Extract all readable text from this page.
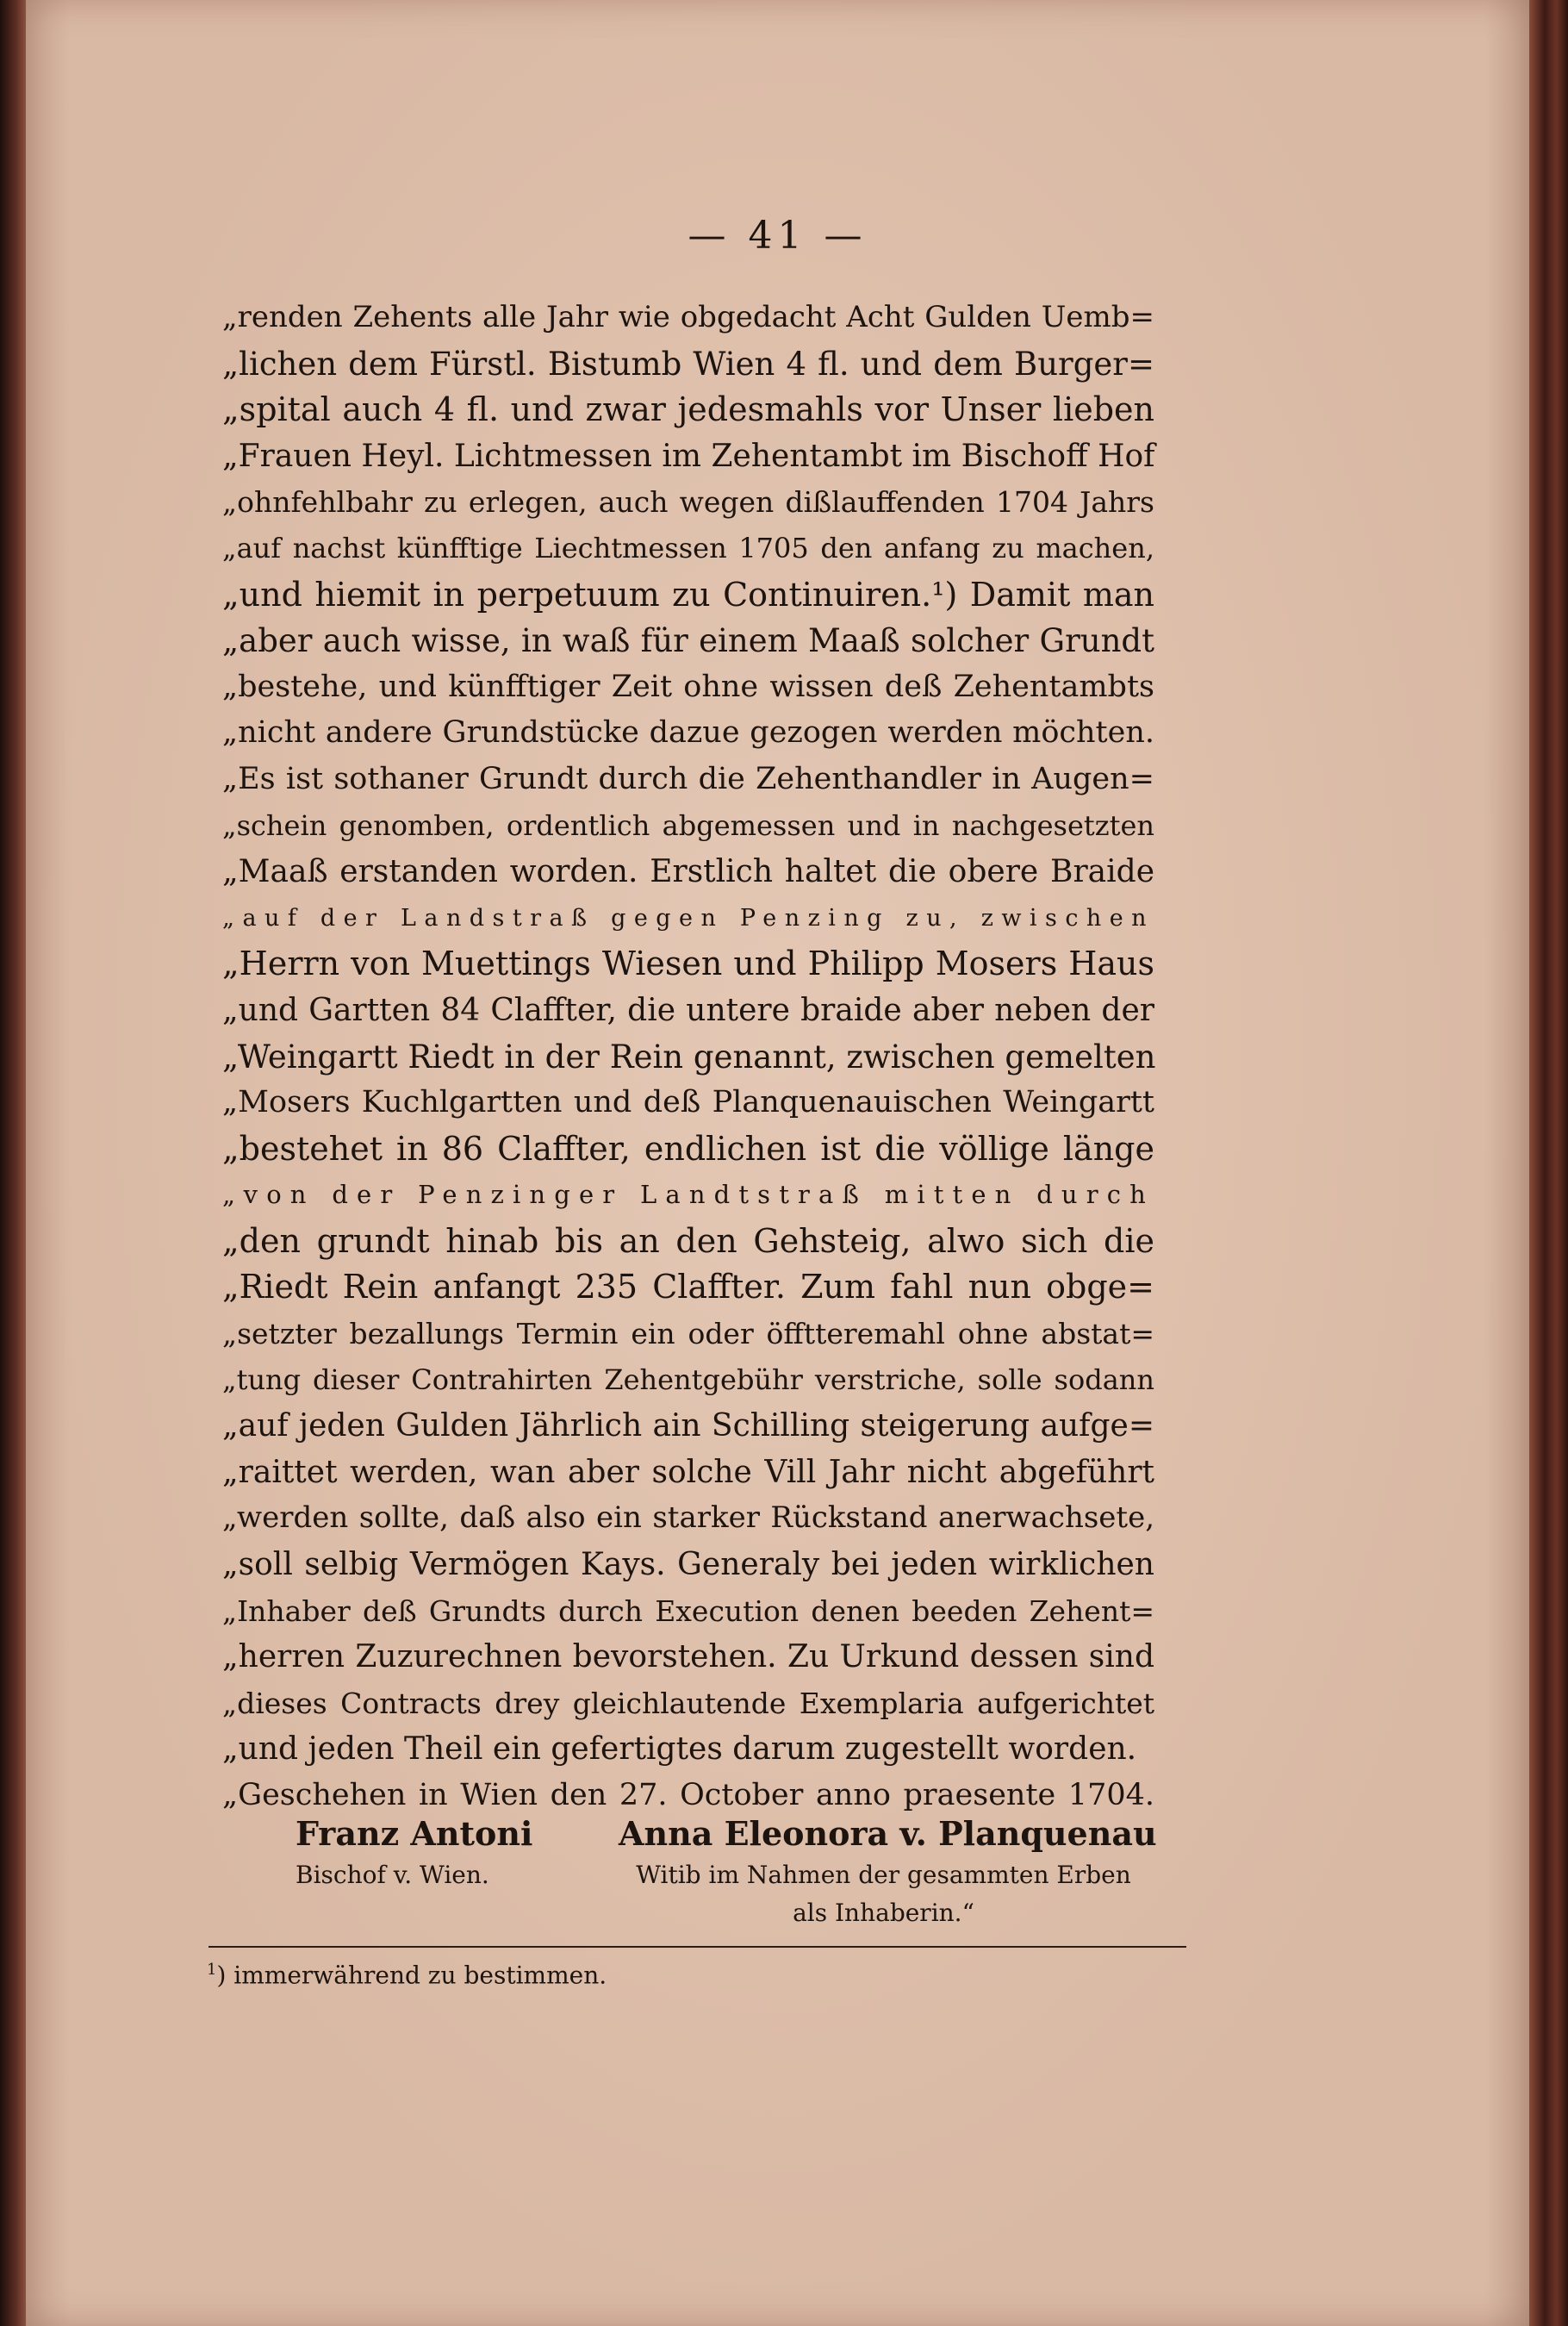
— 41 —
„renden Zehents alle Jahr wie obgedacht Acht Gulden Uemb=
„lichen dem Fürstl. Bistumb Wien 4 fl. und dem Burger=
„spital auch 4 fl. und zwar jedesmahls vor Unser lieben
„Frauen Heyl. Lichtmessen im Zehentambt im Bischoff Hof
„ohnfehlbahr zu erlegen, auch wegen dißlauffenden 1704 Jahrs
„auf nachst künfftige Liechtmessen 1705 den anfang zu machen,
„und hiemit in perpetuum zu Continuiren.¹) Damit man
„aber auch wisse, in waß für einem Maaß solcher Grundt
„bestehe, und künfftiger Zeit ohne wissen deß Zehentambts
„nicht andere Grundstücke dazue gezogen werden möchten.
„Es ist sothaner Grundt durch die Zehenthandler in Augen=
„schein genomben, ordentlich abgemessen und in nachgesetzten
„Maaß erstanden worden. Erstlich haltet die obere Braide
„auf der Landstraß gegen Penzing zu, zwischen
„Herrn von Muettings Wiesen und Philipp Mosers Haus
„und Gartten 84 Claffter, die untere braide aber neben der
„Weingartt Riedt in der Rein genannt, zwischen gemelten
„Mosers Kuchlgartten und deß Planquenauischen Weingartt
„bestehet in 86 Claffter, endlichen ist die völlige länge
„von der Penzinger Landtstraß mitten durch
„den grundt hinab bis an den Gehsteig, alwo sich die
„Riedt Rein anfangt 235 Claffter. Zum fahl nun obge=
„setzter bezallungs Termin ein oder öfftteremahl ohne abstat=
„tung dieser Contrahirten Zehentgebühr verstriche, solle sodann
„auf jeden Gulden Jährlich ain Schilling steigerung aufge=
„raittet werden, wan aber solche Vill Jahr nicht abgeführt
„werden sollte, daß also ein starker Rückstand anerwachsete,
„soll selbig Vermögen Kays. Generaly bei jeden wirklichen
„Inhaber deß Grundts durch Execution denen beeden Zehent=
„herren Zuzurechnen bevorstehen. Zu Urkund dessen sind
„dieses Contracts drey gleichlautende Exemplaria aufgerichtet
„und jeden Theil ein gefertigtes darum zugestellt worden.
„Geschehen in Wien den 27. October anno praesente 1704.
Franz Antoni
Bischof v. Wien.
Anna Eleonora v. Planquenau
Witib im Nahmen der gesammten Erben
als Inhaberin.“
$^1$) immerwährend zu bestimmen.
